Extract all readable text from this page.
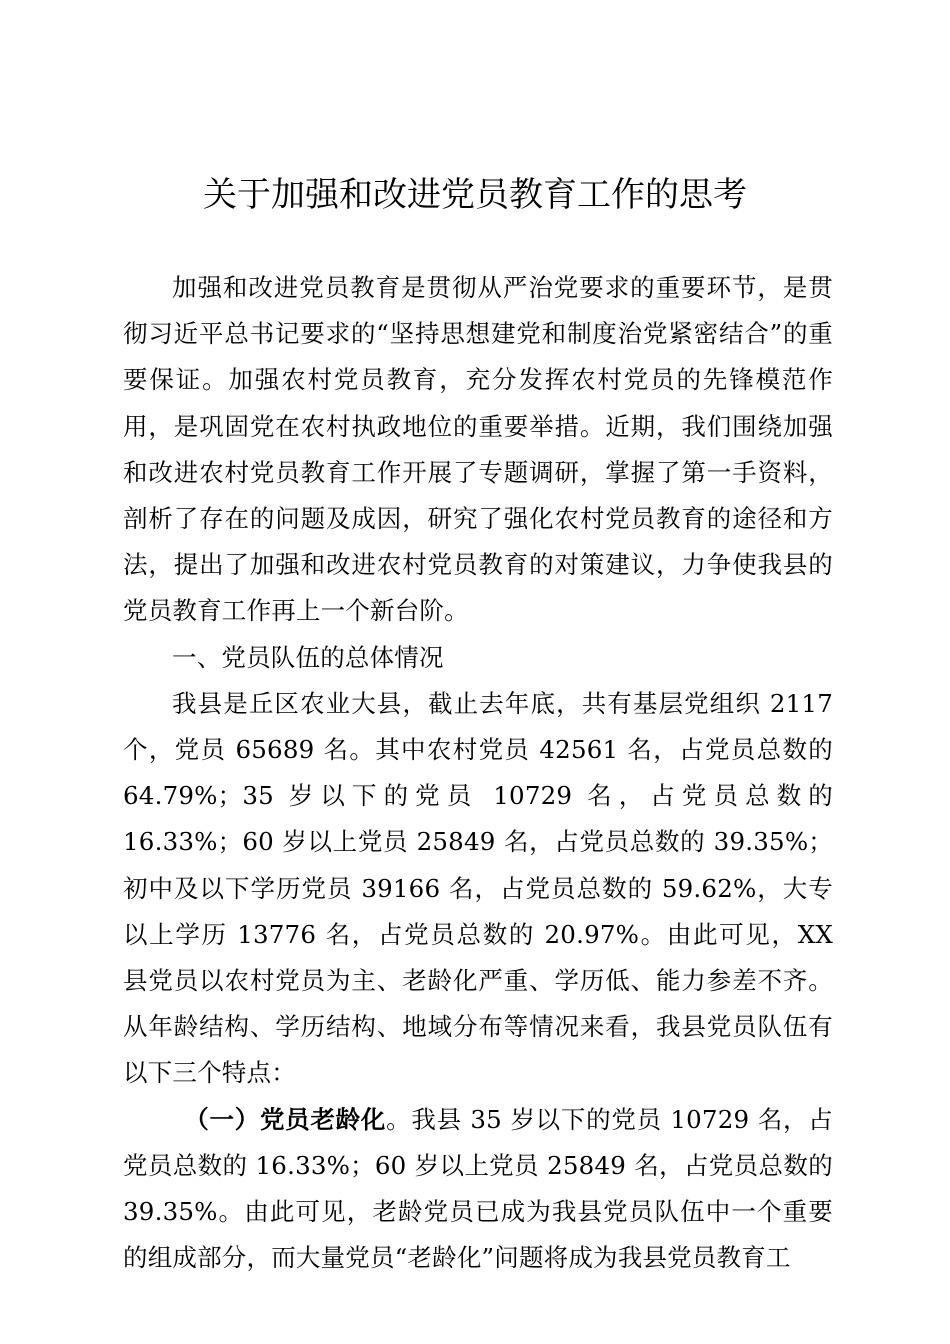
关于加强和改进党员教育工作的思考

加强和改进党员教育是贯彻从严治党要求的重要环节，是贯彻习近平总书记要求的“坚持思想建党和制度治党紧密结合”的重要保证。加强农村党员教育，充分发挥农村党员的先锋模范作用，是巩固党在农村执政地位的重要举措。近期，我们围绕加强和改进农村党员教育工作开展了专题调研，掌握了第一手资料，剖析了存在的问题及成因，研究了强化农村党员教育的途径和方法，提出了加强和改进农村党员教育的对策建议，力争使我县的党员教育工作再上一个新台阶。

一、党员队伍的总体情况

我县是丘区农业大县，截止去年底，共有基层党组织 2117 个，党员 65689 名。其中农村党员 42561 名，占党员总数的 64.79%；35 岁以下的党员 10729 名，占党员总数的 16.33%；60 岁以上党员 25849 名，占党员总数的 39.35%；初中及以下学历党员 39166 名，占党员总数的 59.62%，大专以上学历 13776 名，占党员总数的 20.97%。由此可见，XX 县党员以农村党员为主、老龄化严重、学历低、能力参差不齐。从年龄结构、学历结构、地域分布等情况来看，我县党员队伍有以下三个特点：

（一）党员老龄化。我县 35 岁以下的党员 10729 名，占党员总数的 16.33%；60 岁以上党员 25849 名，占党员总数的 39.35%。由此可见，老龄党员已成为我县党员队伍中一个重要的组成部分，而大量党员“老龄化”问题将成为我县党员教育工
